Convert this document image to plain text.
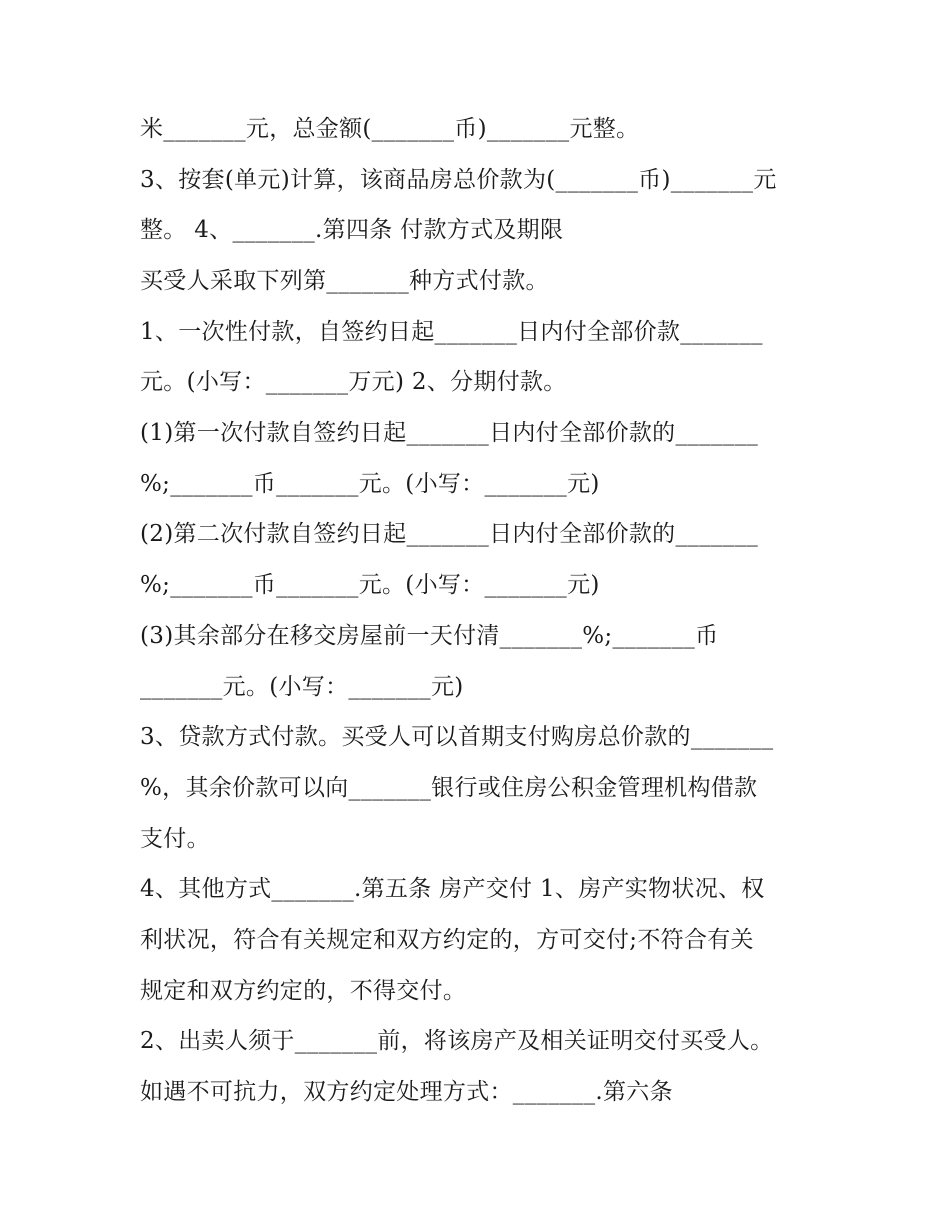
米_______元，总金额(_______币)_______元整。
3、按套(单元)计算，该商品房总价款为(_______币)_______元
整。 4、_______.第四条 付款方式及期限
买受人采取下列第_______种方式付款。
1、一次性付款，自签约日起_______日内付全部价款_______
元。(小写：_______万元) 2、分期付款。
(1)第一次付款自签约日起_______日内付全部价款的_______
%;_______币_______元。(小写：_______元)
(2)第二次付款自签约日起_______日内付全部价款的_______
%;_______币_______元。(小写：_______元)
(3)其余部分在移交房屋前一天付清_______%;_______币
_______元。(小写：_______元)
3、贷款方式付款。买受人可以首期支付购房总价款的_______
%，其余价款可以向_______银行或住房公积金管理机构借款
支付。
4、其他方式_______.第五条 房产交付 1、房产实物状况、权
利状况，符合有关规定和双方约定的，方可交付;不符合有关
规定和双方约定的，不得交付。
2、出卖人须于_______前，将该房产及相关证明交付买受人。
如遇不可抗力，双方约定处理方式：_______.第六条
